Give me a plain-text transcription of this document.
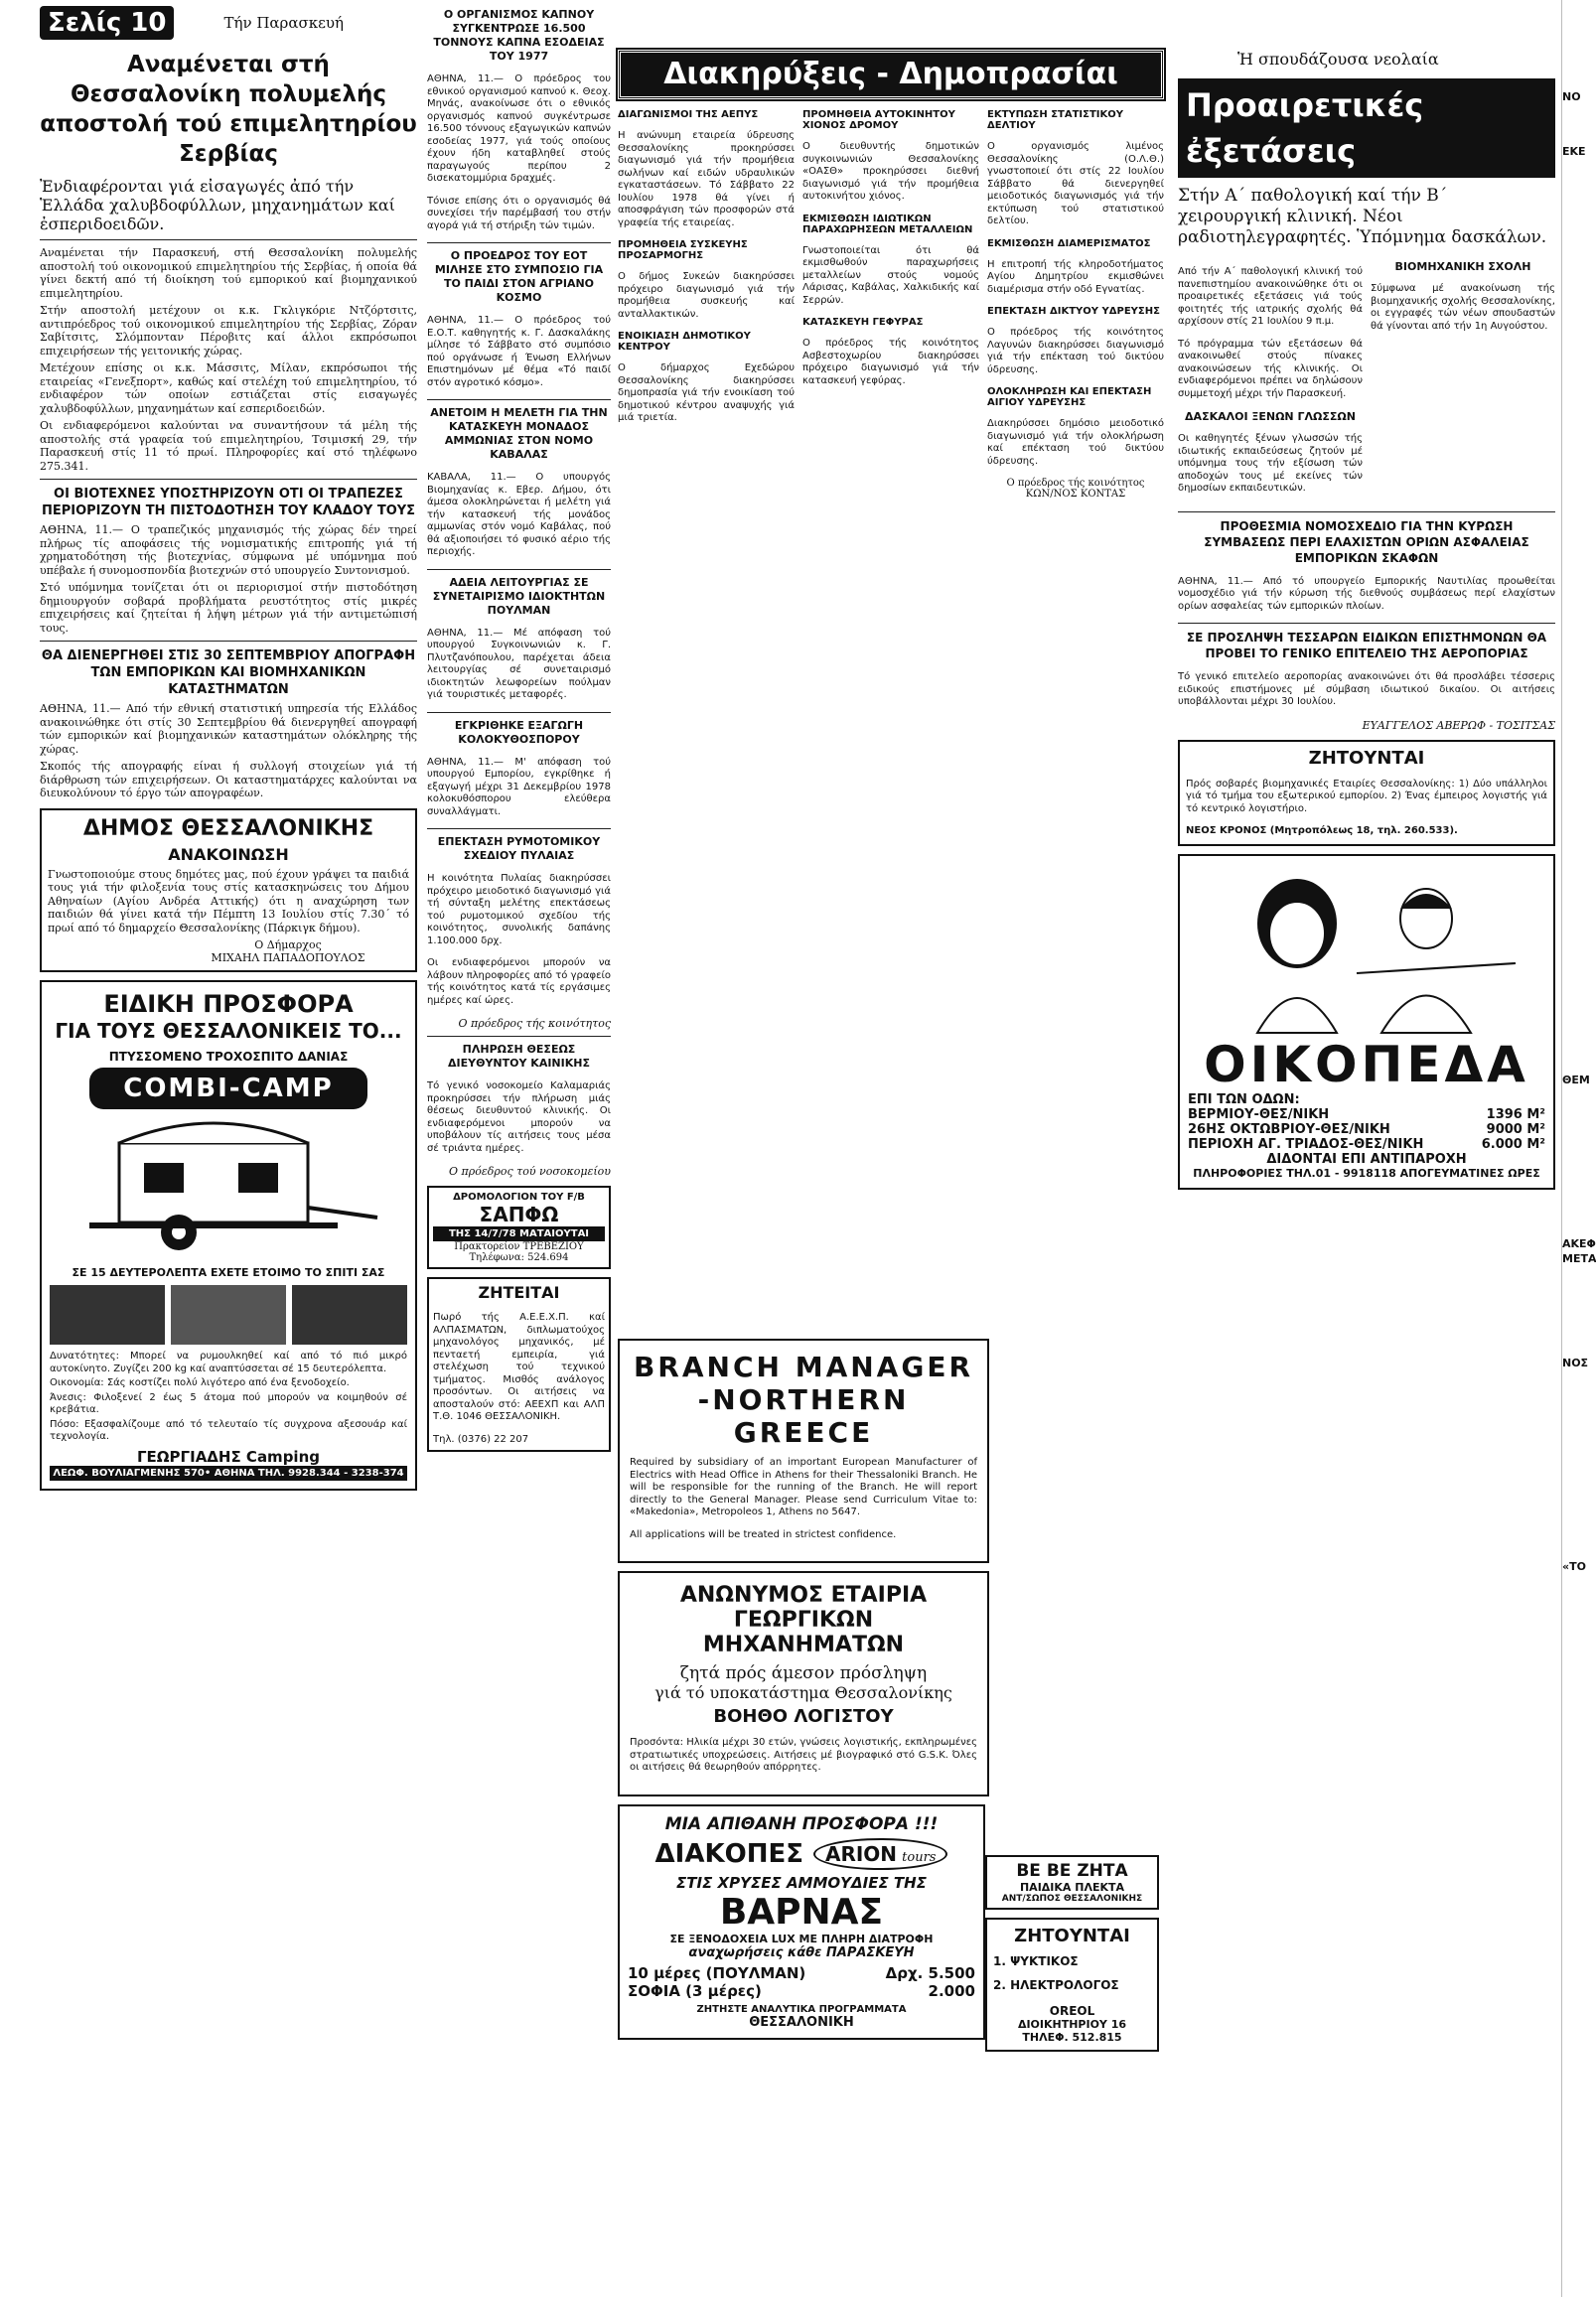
Σελίς 10	Τήν Παρασκευή
Αναμένεται στή Θεσσαλονίκη πολυμελής αποστολή τού επιμελητηρίου Σερβίας
Ἐνδιαφέρονται γιά εἰσαγωγές ἀπό τήν Ἑλλάδα χαλυβδοφύλλων, μηχανημάτων καί ἐσπεριδοειδῶν.

Αναμένεται τήν Παρασκευή, στή Θεσσαλονίκη πολυμελής αποστολή τού οικονομικού επιμελητηρίου τής Σερβίας, ή οποία θά γίνει δεκτή από τή διοίκηση τού εμπορικού καί βιομηχανικού επιμελητηρίου.

Στήν αποστολή μετέχουν οι κ.κ. Γκλιγκόριε Ντζόρτσιτς, αντιπρόεδρος τού οικονομικού επιμελητηρίου τής Σερβίας, Ζόραν Σαβίτσιτς, Σλόμπονταν Πέροβιτς καί άλλοι εκπρόσωποι επιχειρήσεων τής γειτονικής χώρας.

Μετέχουν επίσης οι κ.κ. Μάσσιτς, Μίλαν, εκπρόσωποι τής εταιρείας «Γενεξπορτ», καθώς καί στελέχη τού επιμελητηρίου, τό ενδιαφέρον τών οποίων εστιάζεται στίς εισαγωγές χαλυβδοφύλλων, μηχανημάτων καί εσπεριδοειδών.

Οι ενδιαφερόμενοι καλούνται να συναντήσουν τά μέλη τής αποστολής στά γραφεία τού επιμελητηρίου, Τσιμισκή 29, τήν Παρασκευή στίς 11 τό πρωί. Πληροφορίες καί στό τηλέφωνο 275.341.

ΟΙ ΒΙΟΤΕΧΝΕΣ ΥΠΟΣΤΗΡΙΖΟΥΝ ΟΤΙ ΟΙ ΤΡΑΠΕΖΕΣ ΠΕΡΙΟΡΙΖΟΥΝ ΤΗ ΠΙΣΤΟΔΟΤΗΣΗ ΤΟΥ ΚΛΑΔΟΥ ΤΟΥΣ

ΑΘΗΝΑ, 11.— Ο τραπεζικός μηχανισμός τής χώρας δέν τηρεί πλήρως τίς αποφάσεις τής νομισματικής επιτροπής γιά τή χρηματοδότηση τής βιοτεχνίας, σύμφωνα μέ υπόμνημα πού υπέβαλε ή συνομοσπονδία βιοτεχνών στό υπουργείο Συντονισμού.

Στό υπόμνημα τονίζεται ότι οι περιορισμοί στήν πιστοδότηση δημιουργούν σοβαρά προβλήματα ρευστότητος στίς μικρές επιχειρήσεις καί ζητείται ή λήψη μέτρων γιά τήν αντιμετώπισή τους.

ΘΑ ΔΙΕΝΕΡΓΗΘΕΙ ΣΤΙΣ 30 ΣΕΠΤΕΜΒΡΙΟΥ ΑΠΟΓΡΑΦΗ ΤΩΝ ΕΜΠΟΡΙΚΩΝ ΚΑΙ ΒΙΟΜΗΧΑΝΙΚΩΝ ΚΑΤΑΣΤΗΜΑΤΩΝ

ΑΘΗΝΑ, 11.— Από τήν εθνική στατιστική υπηρεσία τής Ελλάδος ανακοινώθηκε ότι στίς 30 Σεπτεμβρίου θά διενεργηθεί απογραφή τών εμπορικών καί βιομηχανικών καταστημάτων ολόκληρης τής χώρας.

Σκοπός τής απογραφής είναι ή συλλογή στοιχείων γιά τή διάρθρωση τών επιχειρήσεων. Οι καταστηματάρχες καλούνται να διευκολύνουν τό έργο τών απογραφέων.

ΔΗΜΟΣ ΘΕΣΣΑΛΟΝΙΚΗΣ
ΑΝΑΚΟΙΝΩΣΗ

Γνωστοποιούμε στους δημότες μας, πού έχουν γράψει τα παιδιά τους γιά τήν φιλοξενία τους στίς κατασκηνώσεις του Δήμου Αθηναίων (Αγίου Ανδρέα Αττικής) ότι η αναχώρηση των παιδιών θά γίνει κατά τήν Πέμπτη 13 Ιουλίου στίς 7.30΄ τό πρωί από τό δημαρχείο Θεσσαλονίκης (Πάρκιγκ δήμου).

Ο Δήμαρχος
ΜΙΧΑΗΛ ΠΑΠΑΔΟΠΟΥΛΟΣ
ΕΙΔΙΚΗ ΠΡΟΣΦΟΡΑ
ΓΙΑ ΤΟΥΣ ΘΕΣΣΑΛΟΝΙΚΕΙΣ ΤΟ...
ΠΤΥΣΣΟΜΕΝΟ ΤΡΟΧΟΣΠΙΤΟ ΔΑΝΙΑΣ
COMBI-CAMP
ΣΕ 15 ΔΕΥΤΕΡΟΛΕΠΤΑ ΕΧΕΤΕ ΕΤΟΙΜΟ ΤΟ ΣΠΙΤΙ ΣΑΣ

Δυνατότητες: Μπορεί να ρυμουλκηθεί καί από τό πιό μικρό αυτοκίνητο. Ζυγίζει 200 kg καί αναπτύσσεται σέ 15 δευτερόλεπτα.

Οικονομία: Σάς κοστίζει πολύ λιγότερο από ένα ξενοδοχείο.

Άνεσις: Φιλοξενεί 2 έως 5 άτομα πού μπορούν να κοιμηθούν σέ κρεβάτια.

Πόσο: Εξασφαλίζουμε από τό τελευταίο τίς συγχρονα αξεσουάρ καί τεχνολογία.

ΓΕΩΡΓΙΑΔΗΣ Camping
ΛΕΩΦ. ΒΟΥΛΙΑΓΜΕΝΗΣ 570• ΑΘΗΝΑ ΤΗΛ. 9928.344 - 3238-374
Ο ΟΡΓΑΝΙΣΜΟΣ ΚΑΠΝΟΥ ΣΥΓΚΕΝΤΡΩΣΕ 16.500 ΤΟΝΝΟΥΣ ΚΑΠΝΑ ΕΣΟΔΕΙΑΣ ΤΟΥ 1977

ΑΘΗΝΑ, 11.— Ο πρόεδρος του εθνικού οργανισμού καπνού κ. Θεοχ. Μηνάς, ανακοίνωσε ότι ο εθνικός οργανισμός καπνού συγκέντρωσε 16.500 τόννους εξαγωγικών καπνών εσοδείας 1977, γιά τούς οποίους έχουν ήδη καταβληθεί στούς παραγωγούς περίπου 2 δισεκατομμύρια δραχμές.

Τόνισε επίσης ότι ο οργανισμός θά συνεχίσει τήν παρέμβασή του στήν αγορά γιά τή στήριξη τών τιμών.

Ο ΠΡΟΕΔΡΟΣ ΤΟΥ ΕΟΤ ΜΙΛΗΣΕ ΣΤΟ ΣΥΜΠΟΣΙΟ ΓΙΑ ΤΟ ΠΑΙΔΙ ΣΤΟΝ ΑΓΡΙΑΝΟ ΚΟΣΜΟ

ΑΘΗΝΑ, 11.— Ο πρόεδρος τού Ε.Ο.Τ. καθηγητής κ. Γ. Δασκαλάκης μίλησε τό Σάββατο στό συμπόσιο πού οργάνωσε ή Ένωση Ελλήνων Επιστημόνων μέ θέμα «Τό παιδί στόν αγροτικό κόσμο».

ΑΝΕΤΟΙΜ Η ΜΕΛΕΤΗ ΓΙΑ ΤΗΝ ΚΑΤΑΣΚΕΥΗ ΜΟΝΑΔΟΣ ΑΜΜΩΝΙΑΣ ΣΤΟΝ ΝΟΜΟ ΚΑΒΑΛΑΣ

ΚΑΒΑΛΑ, 11.— Ο υπουργός Βιομηχανίας κ. Εβερ. Δήμου, ότι άμεσα ολοκληρώνεται ή μελέτη γιά τήν κατασκευή τής μονάδος αμμωνίας στόν νομό Καβάλας, πού θά αξιοποιήσει τό φυσικό αέριο τής περιοχής.

ΑΔΕΙΑ ΛΕΙΤΟΥΡΓΙΑΣ ΣΕ ΣΥΝΕΤΑΙΡΙΣΜΟ ΙΔΙΟΚΤΗΤΩΝ ΠΟΥΛΜΑΝ

ΑΘΗΝΑ, 11.— Μέ απόφαση τού υπουργού Συγκοινωνιών κ. Γ. Πλυτζανόπουλου, παρέχεται άδεια λειτουργίας σέ συνεταιρισμό ιδιοκτητών λεωφορείων πούλμαν γιά τουριστικές μεταφορές.

ΕΓΚΡΙΘΗΚΕ ΕΞΑΓΩΓΗ ΚΟΛΟΚΥΘΟΣΠΟΡΟΥ

ΑΘΗΝΑ, 11.— Μ' απόφαση τού υπουργού Εμπορίου, εγκρίθηκε ή εξαγωγή μέχρι 31 Δεκεμβρίου 1978 κολοκυθόσπορου ελεύθερα συναλλάγματι.

ΕΠΕΚΤΑΣΗ ΡΥΜΟΤΟΜΙΚΟΥ ΣΧΕΔΙΟΥ ΠΥΛΑΙΑΣ

Η κοινότητα Πυλαίας διακηρύσσει πρόχειρο μειοδοτικό διαγωνισμό γιά τή σύνταξη μελέτης επεκτάσεως τού ρυμοτομικού σχεδίου τής κοινότητος, συνολικής δαπάνης 1.100.000 δρχ.

Οι ενδιαφερόμενοι μπορούν να λάβουν πληροφορίες από τό γραφείο τής κοινότητος κατά τίς εργάσιμες ημέρες καί ώρες.

Ο πρόεδρος τής κοινότητος
ΠΛΗΡΩΣΗ ΘΕΣΕΩΣ ΔΙΕΥΘΥΝΤΟΥ ΚΑΙΝΙΚΗΣ

Τό γενικό νοσοκομείο Καλαμαριάς προκηρύσσει τήν πλήρωση μιάς θέσεως διευθυντού κλινικής. Οι ενδιαφερόμενοι μπορούν να υποβάλουν τίς αιτήσεις τους μέσα σέ τριάντα ημέρες.

Ο πρόεδρος τού νοσοκομείου
ΔΡΟΜΟΛΟΓΙΟΝ ΤΟΥ F/B
ΣΑΠΦΩ
ΤΗΣ 14/7/78 ΜΑΤΑΙΟΥΤΑΙ
Πρακτορείον ΤΡΕΒΕΖΙΟΥ
Τηλέφωνα: 524.694
ΖΗΤΕΙΤΑΙ

Πωρό τής Α.Ε.Ε.Χ.Π. καί ΑΛΠΑΣΜΑΤΩΝ, διπλωματούχος μηχανολόγος μηχανικός, μέ πενταετή εμπειρία, γιά στελέχωση τού τεχνικού τμήματος. Μισθός ανάλογος προσόντων. Οι αιτήσεις να αποσταλούν στό: ΑΕΕΧΠ και ΑΛΠ Τ.Θ. 1046 ΘΕΣΣΑΛΟΝΙΚΗ.

Τηλ. (0376) 22 207
Διακηρύξεις - Δημοπρασίαι
ΔΙΑΓΩΝΙΣΜΟΙ ΤΗΣ ΑΕΠΥΣ

Η ανώνυμη εταιρεία ύδρευσης Θεσσαλονίκης προκηρύσσει διαγωνισμό γιά τήν προμήθεια σωλήνων καί ειδών υδραυλικών εγκαταστάσεων. Τό Σάββατο 22 Ιουλίου 1978 θά γίνει ή αποσφράγιση τών προσφορών στά γραφεία τής εταιρείας.

ΠΡΟΜΗΘΕΙΑ ΣΥΣΚΕΥΗΣ ΠΡΟΣΑΡΜΟΓΗΣ

Ο δήμος Συκεών διακηρύσσει πρόχειρο διαγωνισμό γιά τήν προμήθεια συσκευής καί ανταλλακτικών.

ΕΝΟΙΚΙΑΣΗ ΔΗΜΟΤΙΚΟΥ ΚΕΝΤΡΟΥ

Ο δήμαρχος Εχεδώρου Θεσσαλονίκης διακηρύσσει δημοπρασία γιά τήν ενοικίαση τού δημοτικού κέντρου αναψυχής γιά μιά τριετία.

ΠΡΟΜΗΘΕΙΑ ΑΥΤΟΚΙΝΗΤΟΥ ΧΙΟΝΟΣ ΔΡΟΜΟΥ

Ο διευθυντής δημοτικών συγκοινωνιών Θεσσαλονίκης «ΟΑΣΘ» προκηρύσσει διεθνή διαγωνισμό γιά τήν προμήθεια αυτοκινήτου χιόνος.

ΕΚΜΙΣΘΩΣΗ ΙΔΙΩΤΙΚΩΝ ΠΑΡΑΧΩΡΗΣΕΩΝ ΜΕΤΑΛΛΕΙΩΝ

Γνωστοποιείται ότι θά εκμισθωθούν παραχωρήσεις μεταλλείων στούς νομούς Λάρισας, Καβάλας, Χαλκιδικής καί Σερρών.

ΚΑΤΑΣΚΕΥΗ ΓΕΦΥΡΑΣ

Ο πρόεδρος τής κοινότητος Ασβεστοχωρίου διακηρύσσει πρόχειρο διαγωνισμό γιά τήν κατασκευή γεφύρας.

ΕΚΤΥΠΩΣΗ ΣΤΑΤΙΣΤΙΚΟΥ ΔΕΛΤΙΟΥ

Ο οργανισμός λιμένος Θεσσαλονίκης (Ο.Λ.Θ.) γνωστοποιεί ότι στίς 22 Ιουλίου Σάββατο θά διενεργηθεί μειοδοτικός διαγωνισμός γιά τήν εκτύπωση τού στατιστικού δελτίου.

ΕΚΜΙΣΘΩΣΗ ΔΙΑΜΕΡΙΣΜΑΤΟΣ

Η επιτροπή τής κληροδοτήματος Αγίου Δημητρίου εκμισθώνει διαμέρισμα στήν οδό Εγνατίας.

ΕΠΕΚΤΑΣΗ ΔΙΚΤΥΟΥ ΥΔΡΕΥΣΗΣ

Ο πρόεδρος τής κοινότητος Λαγυνών διακηρύσσει διαγωνισμό γιά τήν επέκταση τού δικτύου ύδρευσης.

ΟΛΟΚΛΗΡΩΣΗ ΚΑΙ ΕΠΕΚΤΑΣΗ ΑΙΓΙΟΥ ΥΔΡΕΥΣΗΣ

Διακηρύσσει δημόσιο μειοδοτικό διαγωνισμό γιά τήν ολοκλήρωση καί επέκταση τού δικτύου ύδρευσης.

Ο πρόεδρος τής κοινότητος
ΚΩΝ/ΝΟΣ ΚΟΝΤΑΣ
BRANCH MANAGER
-NORTHERN GREECE

Required by subsidiary of an important European Manufacturer of Electrics with Head Office in Athens for their Thessaloniki Branch. He will be responsible for the running of the Branch. He will report directly to the General Manager. Please send Curriculum Vitae to: «Makedonia», Metropoleos 1, Athens no 5647.

All applications will be treated in strictest confidence.

ΑΝΩΝΥΜΟΣ ΕΤΑΙΡΙΑ
ΓΕΩΡΓΙΚΩΝ ΜΗΧΑΝΗΜΑΤΩΝ
ζητά πρός άμεσον πρόσληψη
γιά τό υποκατάστημα Θεσσαλονίκης
ΒΟΗΘΟ ΛΟΓΙΣΤΟΥ

Προσόντα: Ηλικία μέχρι 30 ετών, γνώσεις λογιστικής, εκπληρωμένες στρατιωτικές υποχρεώσεις. Αιτήσεις μέ βιογραφικό στό G.S.K. Όλες οι αιτήσεις θά θεωρηθούν απόρρητες.

ΜΙΑ ΑΠΙΘΑΝΗ ΠΡΟΣΦΟΡΑ !!!
ΔΙΑΚΟΠΕΣ	ARION tours
ΣΤΙΣ ΧΡΥΣΕΣ ΑΜΜΟΥΔΙΕΣ ΤΗΣ
ΒΑΡΝΑΣ
ΣΕ ΞΕΝΟΔΟΧΕΙΑ LUX ΜΕ ΠΛΗΡΗ ΔΙΑΤΡΟΦΗ
αναχωρήσεις κάθε ΠΑΡΑΣΚΕΥΗ
10 μέρες (ΠΟΥΛΜΑΝ)	Δρχ. 5.500
ΣΟΦΙΑ (3 μέρες)	2.000
ΖΗΤΗΣΤΕ ΑΝΑΛΥΤΙΚΑ ΠΡΟΓΡΑΜΜΑΤΑ
ΘΕΣΣΑΛΟΝΙΚΗ
ΒΕ ΒΕ ΖΗΤΑ
ΠΑΙΔΙΚΑ ΠΛΕΚΤΑ
ΑΝΤ/ΣΩΠΟΣ ΘΕΣΣΑΛΟΝΙΚΗΣ
ΖΗΤΟΥΝΤΑΙ
1. ΨΥΚΤΙΚΟΣ
2. ΗΛΕΚΤΡΟΛΟΓΟΣ
OREOL
ΔΙΟΙΚΗΤΗΡΙΟΥ 16
ΤΗΛΕΦ. 512.815
Ἡ σπουδάζουσα νεολαία
Προαιρετικές ἐξετάσεις
Στήν Α΄ παθολογική καί τήν Β΄ χειρουργική κλινική. Νέοι ραδιοτηλεγραφητές. Ὑπόμνημα δασκάλων.

Από τήν Α΄ παθολογική κλινική τού πανεπιστημίου ανακοινώθηκε ότι οι προαιρετικές εξετάσεις γιά τούς φοιτητές τής ιατρικής σχολής θά αρχίσουν στίς 21 Ιουλίου 9 π.μ.

Τό πρόγραμμα τών εξετάσεων θά ανακοινωθεί στούς πίνακες ανακοινώσεων τής κλινικής. Οι ενδιαφερόμενοι πρέπει να δηλώσουν συμμετοχή μέχρι τήν Παρασκευή.

ΔΑΣΚΑΛΟΙ ΞΕΝΩΝ ΓΛΩΣΣΩΝ

Οι καθηγητές ξένων γλωσσών τής ιδιωτικής εκπαιδεύσεως ζητούν μέ υπόμνημα τους τήν εξίσωση τών αποδοχών τους μέ εκείνες τών δημοσίων εκπαιδευτικών.

ΒΙΟΜΗΧΑΝΙΚΗ ΣΧΟΛΗ

Σύμφωνα μέ ανακοίνωση τής βιομηχανικής σχολής Θεσσαλονίκης, οι εγγραφές τών νέων σπουδαστών θά γίνονται από τήν 1η Αυγούστου.

ΠΡΟΘΕΣΜΙΑ ΝΟΜΟΣΧΕΔΙΟ ΓΙΑ ΤΗΝ ΚΥΡΩΣΗ ΣΥΜΒΑΣΕΩΣ ΠΕΡΙ ΕΛΑΧΙΣΤΩΝ ΟΡΙΩΝ ΑΣΦΑΛΕΙΑΣ ΕΜΠΟΡΙΚΩΝ ΣΚΑΦΩΝ

ΑΘΗΝΑ, 11.— Από τό υπουργείο Εμπορικής Ναυτιλίας προωθείται νομοσχέδιο γιά τήν κύρωση τής διεθνούς συμβάσεως περί ελαχίστων ορίων ασφαλείας τών εμπορικών πλοίων.

ΣΕ ΠΡΟΣΛΗΨΗ ΤΕΣΣΑΡΩΝ ΕΙΔΙΚΩΝ ΕΠΙΣΤΗΜΟΝΩΝ ΘΑ ΠΡΟΒΕΙ ΤΟ ΓΕΝΙΚΟ ΕΠΙΤΕΛΕΙΟ ΤΗΣ ΑΕΡΟΠΟΡΙΑΣ

Τό γενικό επιτελείο αεροπορίας ανακοινώνει ότι θά προσλάβει τέσσερις ειδικούς επιστήμονες μέ σύμβαση ιδιωτικού δικαίου. Οι αιτήσεις υποβάλλονται μέχρι 30 Ιουλίου.

ΕΥΑΓΓΕΛΟΣ ΑΒΕΡΩΦ - ΤΟΣΙΤΣΑΣ
ΖΗΤΟΥΝΤΑΙ

Πρός σοβαρές βιομηχανικές Εταιρίες Θεσσαλονίκης: 1) Δύο υπάλληλοι γιά τό τμήμα του εξωτερικού εμπορίου. 2) Ένας έμπειρος λογιστής γιά τό κεντρικό λογιστήριο.

ΝΕΟΣ ΚΡΟΝΟΣ (Μητροπόλεως 18, τηλ. 260.533).
ΟΙΚΟΠΕΔΑ
ΕΠΙ ΤΩΝ ΟΔΩΝ:
ΒΕΡΜΙΟΥ-ΘΕΣ/ΝΙΚΗ	1396 Μ²
26ΗΣ ΟΚΤΩΒΡΙΟΥ-ΘΕΣ/ΝΙΚΗ	9000 Μ²
ΠΕΡΙΟΧΗ ΑΓ. ΤΡΙΑΔΟΣ-ΘΕΣ/ΝΙΚΗ	6.000 Μ²
ΔΙΔΟΝΤΑΙ ΕΠΙ ΑΝΤΙΠΑΡΟΧΗ
ΠΛΗΡΟΦΟΡΙΕΣ ΤΗΛ.01 - 9918118 ΑΠΟΓΕΥΜΑΤΙΝΕΣ ΩΡΕΣ
ΝΟ
ΕΚΕ
ΘΕΜ
ΑΚΕΦ
ΜΕΤΑ
ΝΟΣ
«ΤΟ
